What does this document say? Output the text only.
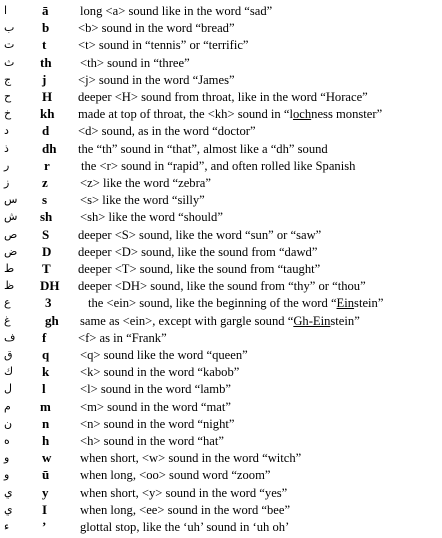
ا	ā	long <a> sound like in the word “sad”
ب	b	<b> sound in the word “bread”
ت	t	<t> sound in “tennis” or “terrific”
ث	th	<th> sound in “three”
ج	j	<j> sound in the word “James”
ح	H	deeper <H> sound from throat, like in the word “Horace”
خ	kh	made at top of throat, the <kh> sound in “lochness monster”
د	d	<d> sound, as in the word “doctor”
ذ	dh	the “th” sound in “that”, almost like a “dh” sound
ر	r	the <r> sound in “rapid”, and often rolled like Spanish
ز	z	<z> like the word “zebra”
س	s	<s> like the word “silly”
ش	sh	<sh> like the word “should”
ص	S	deeper <S> sound, like the word “sun” or “saw”
ض	D	deeper <D> sound, like the sound from “dawd”
ط	T	deeper <T> sound, like the sound from “taught”
ظ	DH	deeper <DH> sound, like the sound from “thy” or “thou”
ع	3	the <ein> sound, like the beginning of the word “Einstein”
غ	gh	same as <ein>, except with gargle sound “Gh-Einstein”
ف	f	<f> as in “Frank”
ق	q	<q> sound like the word “queen”
ك	k	<k> sound in the word “kabob”
ل	l	<l> sound in the word “lamb”
م	m	<m> sound in the word “mat”
ن	n	<n> sound in the word “night”
ه	h	<h> sound in the word “hat”
و	w	when short, <w> sound in the word “witch”
و	ū	when long, <oo> sound word “zoom”
ي	y	when short, <y> sound in the word “yes”
ي	I	when long, <ee> sound in the word “bee”
ء	’	glottal stop, like the ‘uh’ sound in ‘uh oh’
